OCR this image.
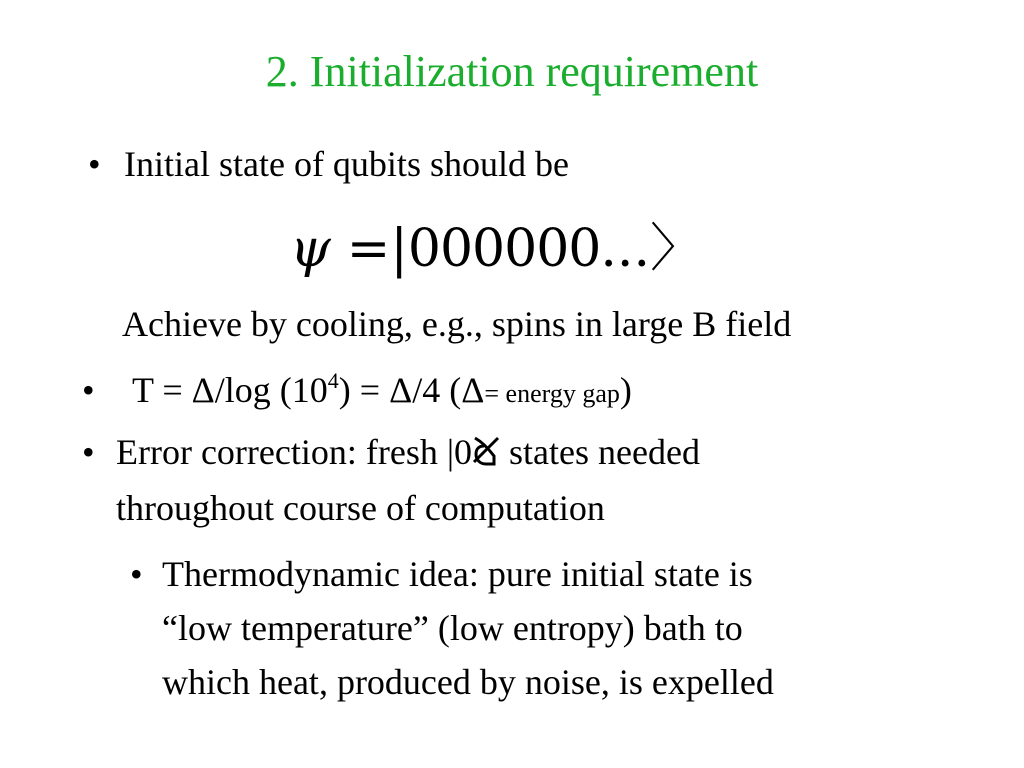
2. Initialization requirement
• Initial state of qubits should be
ψ =|000000...〉
Achieve by cooling, e.g., spins in large B field
• T = Δ/log $(10^4) = \Delta/4$ (Δ= energy gap)
• Error correction: fresh |0 states needed
throughout course of computation
• Thermodynamic idea: pure initial state is
“low temperature” (low entropy) bath to
which heat, produced by noise, is expelled
